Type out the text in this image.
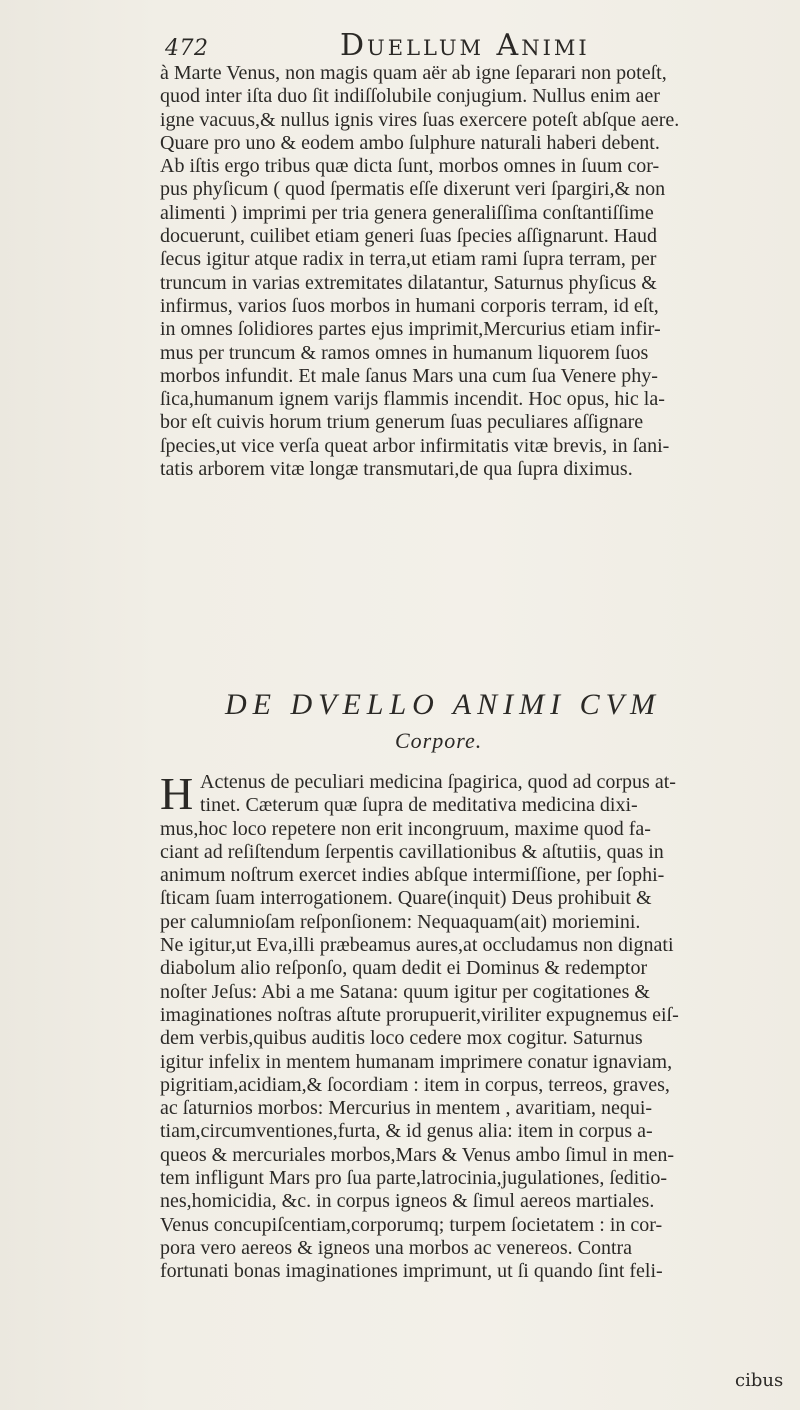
472	Duellum Animi
à Marte Venus, non magis quam aër ab igne ſeparari non poteſt,
quod inter iſta duo ſit indiſſolubile conjugium. Nullus enim aer
igne vacuus,& nullus ignis vires ſuas exercere poteſt abſque aere.
Quare pro uno & eodem ambo ſulphure naturali haberi debent.
Ab iſtis ergo tribus quæ dicta ſunt, morbos omnes in ſuum cor-
pus phyſicum ( quod ſpermatis eſſe dixerunt veri ſpargiri,& non
alimenti ) imprimi per tria genera generaliſſima conſtantiſſime
docuerunt, cuilibet etiam generi ſuas ſpecies aſſignarunt. Haud
ſecus igitur atque radix in terra,ut etiam rami ſupra terram, per
truncum in varias extremitates dilatantur, Saturnus phyſicus &
infirmus, varios ſuos morbos in humani corporis terram, id eſt,
in omnes ſolidiores partes ejus imprimit,Mercurius etiam infir-
mus per truncum & ramos omnes in humanum liquorem ſuos
morbos infundit. Et male ſanus Mars una cum ſua Venere phy-
ſica,humanum ignem varijs flammis incendit. Hoc opus, hic la-
bor eſt cuivis horum trium generum ſuas peculiares aſſignare
ſpecies,ut vice verſa queat arbor infirmitatis vitæ brevis, in ſani-
tatis arborem vitæ longæ transmutari,de qua ſupra diximus.
DE DVELLO ANIMI CVM
Corpore.
H Actenus de peculiari medicina ſpagirica, quod ad corpus at-
tinet. Cæterum quæ ſupra de meditativa medicina dixi-
mus,hoc loco repetere non erit incongruum, maxime quod fa-
ciant ad reſiſtendum ſerpentis cavillationibus & aſtutiis, quas in
animum noſtrum exercet indies abſque intermiſſione, per ſophi-
ſticam ſuam interrogationem. Quare(inquit) Deus prohibuit &
per calumnioſam reſponſionem: Nequaquam(ait) moriemini.
Ne igitur,ut Eva,illi præbeamus aures,at occludamus non dignati
diabolum alio reſponſo, quam dedit ei Dominus & redemptor
noſter Jeſus: Abi a me Satana: quum igitur per cogitationes &
imaginationes noſtras aſtute prorupuerit,viriliter expugnemus eiſ-
dem verbis,quibus auditis loco cedere mox cogitur. Saturnus
igitur infelix in mentem humanam imprimere conatur ignaviam,
pigritiam,acidiam,& ſocordiam : item in corpus, terreos, graves,
ac ſaturnios morbos: Mercurius in mentem , avaritiam, nequi-
tiam,circumventiones,furta, & id genus alia: item in corpus a-
queos & mercuriales morbos,Mars & Venus ambo ſimul in men-
tem infligunt Mars pro ſua parte,latrocinia,jugulationes, ſeditio-
nes,homicidia, &c. in corpus igneos & ſimul aereos martiales.
Venus concupiſcentiam,corporumq; turpem ſocietatem : in cor-
pora vero aereos & igneos una morbos ac venereos. Contra
fortunati bonas imaginationes imprimunt, ut ſi quando ſint feli-
cibus
